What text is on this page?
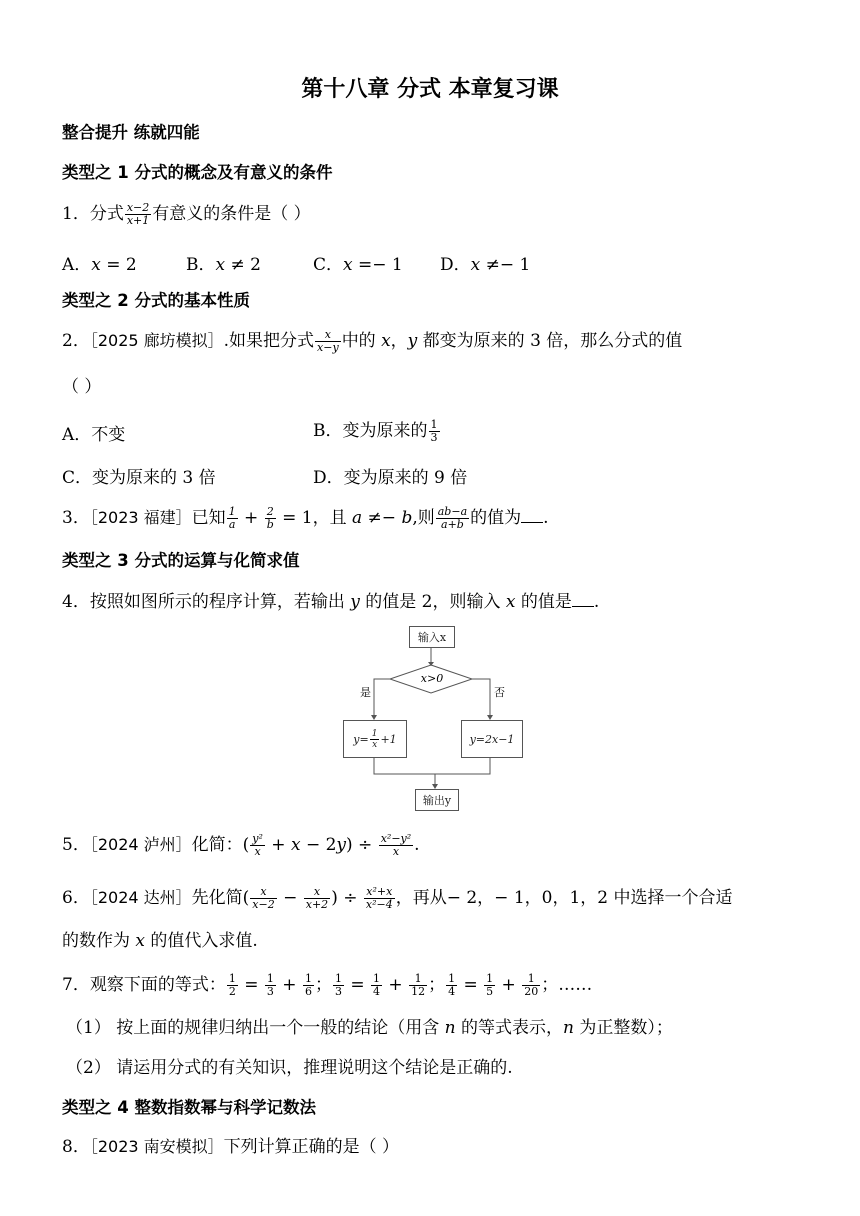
第十八章 分式 本章复习课
整合提升 练就四能
类型之 1 分式的概念及有意义的条件
1．分式 $\frac{x-2}{x+1}$ 有意义的条件是（ ）
A．𝑥 = 2	B．𝑥 ≠ 2	C．𝑥 =− 1 D．𝑥 ≠− 1
类型之 2 分式的基本性质
2．［2025 廊坊模拟］.如果把分式 $\frac{x}{x-y}$ 中的 𝑥，𝑦 都变为原来的 3 倍，那么分式的值
（ ）
A．不变	B．变为原来的 $\frac{1}{3}$
C．变为原来的 3 倍	D．变为原来的 9 倍
3．［2023 福建］已知 $\frac{1}{a} + \frac{2}{b} = 1$，且 𝑎 ≠− 𝑏,则 $\frac{ab-a}{a+b}$ 的值为 .
类型之 3 分式的运算与化简求值
4．按照如图所示的程序计算，若输出 𝑦 的值是 2，则输入 𝑥 的值是 .
输入x
x>0
是	否
$y= \frac{1}{x} +1$	y=2x−1
输出y
5．［2024 泸州］化简：( $\frac{\text{y²}}{x}$ + 𝑥 − 2𝑦) ÷ $\frac{\text{x²−y²}}{x}$ .
6．［2024 达州］先化简( $\frac{x}{x-2} - \frac{x}{x+2}$ ) ÷ $\frac{\text{x²+x}}{\text{x²−4}}$ ，再从− 2，− 1，0，1，2 中选择一个合适
的数作为 𝑥 的值代入求值.
7．观察下面的等式： $\frac{1}{2} = \frac{1}{3} + \frac{1}{6}$ ； $\frac{1}{3} = \frac{1}{4} + \frac{1}{12}$ ； $\frac{1}{4} = \frac{1}{5} + \frac{1}{20}$ ；……
（1） 按上面的规律归纳出一个一般的结论（用含 𝑛 的等式表示，𝑛 为正整数）；
（2） 请运用分式的有关知识，推理说明这个结论是正确的.
类型之 4 整数指数幂与科学记数法
8．［2023 南安模拟］下列计算正确的是（ ）
